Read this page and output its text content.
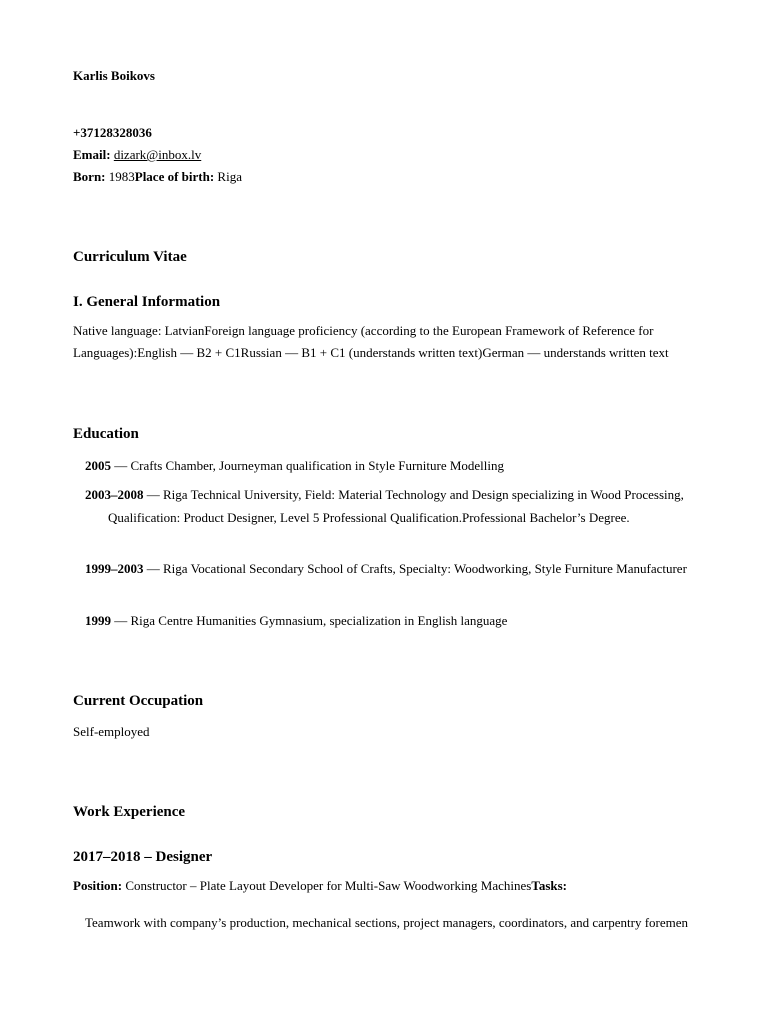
Karlis Boikovs
+37128328036
Email: dizark@inbox.lv
Born: 1983Place of birth: Riga
Curriculum Vitae
I. General Information
Native language: LatvianForeign language proficiency (according to the European Framework of Reference for Languages):English — B2 + C1Russian — B1 + C1 (understands written text)German — understands written text
Education
2005 — Crafts Chamber, Journeyman qualification in Style Furniture Modelling
2003–2008 — Riga Technical University, Field: Material Technology and Design specializing in Wood Processing, Qualification: Product Designer, Level 5 Professional Qualification.Professional Bachelor’s Degree.
1999–2003 — Riga Vocational Secondary School of Crafts, Specialty: Woodworking, Style Furniture Manufacturer
1999 — Riga Centre Humanities Gymnasium, specialization in English language
Current Occupation
Self-employed
Work Experience
2017–2018 – Designer
Position: Constructor – Plate Layout Developer for Multi-Saw Woodworking MachinesTasks:
Teamwork with company’s production, mechanical sections, project managers, coordinators, and carpentry foremen
